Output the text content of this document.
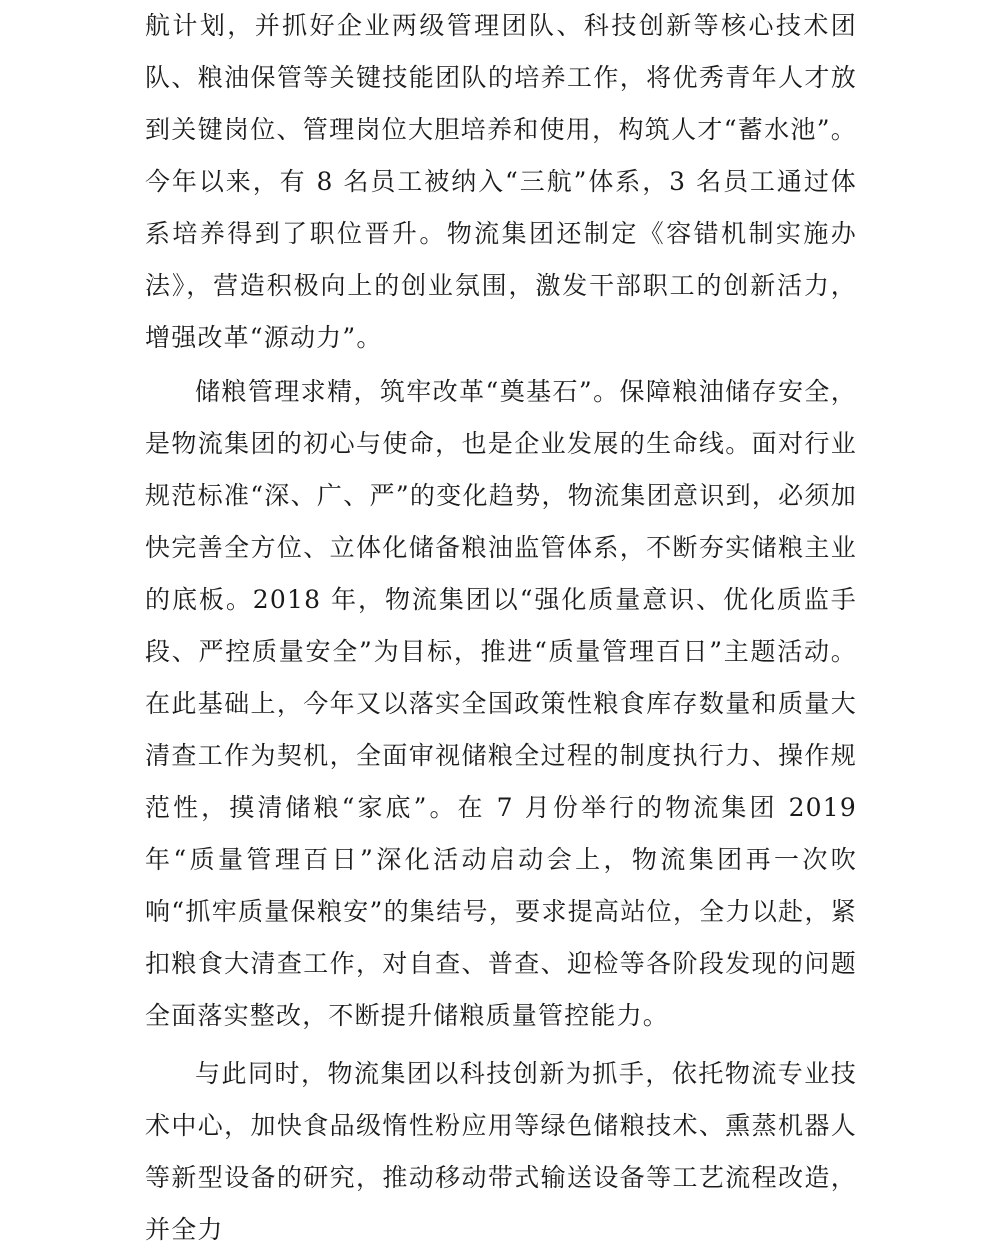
航计划，并抓好企业两级管理团队、科技创新等核心技术团队、粮油保管等关键技能团队的培养工作，将优秀青年人才放到关键岗位、管理岗位大胆培养和使用，构筑人才“蓄水池”。今年以来，有 8 名员工被纳入“三航”体系，3 名员工通过体系培养得到了职位晋升。物流集团还制定《容错机制实施办法》，营造积极向上的创业氛围，激发干部职工的创新活力，增强改革“源动力”。

储粮管理求精，筑牢改革“奠基石”。保障粮油储存安全，是物流集团的初心与使命，也是企业发展的生命线。面对行业规范标准“深、广、严”的变化趋势，物流集团意识到，必须加快完善全方位、立体化储备粮油监管体系，不断夯实储粮主业的底板。2018 年，物流集团以“强化质量意识、优化质监手段、严控质量安全”为目标，推进“质量管理百日”主题活动。在此基础上，今年又以落实全国政策性粮食库存数量和质量大清查工作为契机，全面审视储粮全过程的制度执行力、操作规范性，摸清储粮“家底”。在 7 月份举行的物流集团 2019 年“质量管理百日”深化活动启动会上，物流集团再一次吹响“抓牢质量保粮安”的集结号，要求提高站位，全力以赴，紧扣粮食大清查工作，对自查、普查、迎检等各阶段发现的问题全面落实整改，不断提升储粮质量管控能力。

与此同时，物流集团以科技创新为抓手，依托物流专业技术中心，加快食品级惰性粉应用等绿色储粮技术、熏蒸机器人等新型设备的研究，推动移动带式输送设备等工艺流程改造，并全力
